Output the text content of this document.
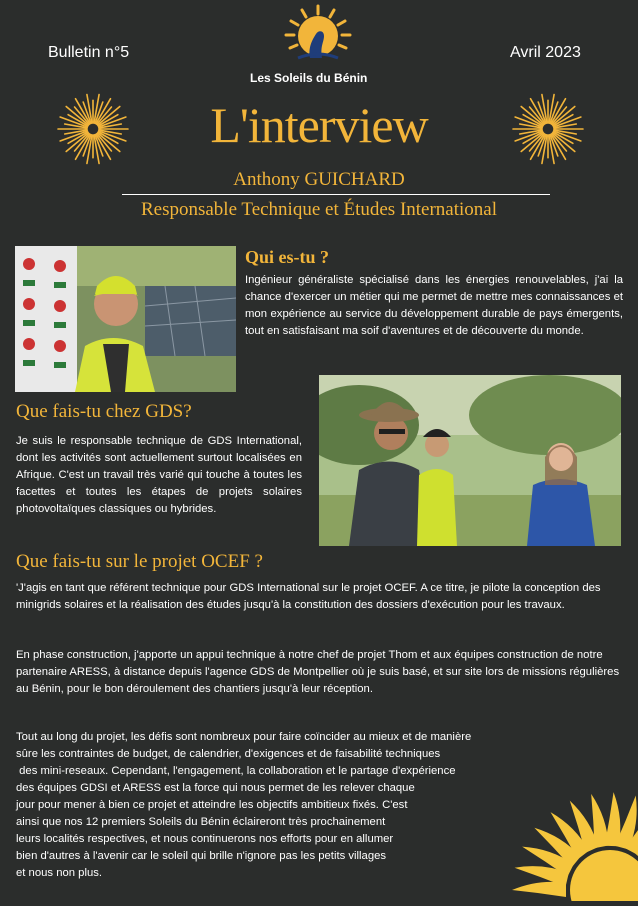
Bulletin n°5	Avril 2023
Les Soleils du Bénin
L'interview
Anthony GUICHARD
Responsable Technique et Études International
Qui es-tu ?

Ingénieur généraliste spécialisé dans les énergies renouvelables, j'ai la chance d'exercer un métier qui me permet de mettre mes connaissances et mon expérience au service du développement durable de pays émergents, tout en satisfaisant ma soif d'aventures et de découverte du monde.

Que fais-tu chez GDS?

Je suis le responsable technique de GDS International, dont les activités sont actuellement surtout localisées en Afrique. C'est un travail très varié qui touche à toutes les facettes et toutes les étapes de projets solaires photovoltaïques classiques ou hybrides.

Que fais-tu sur le projet OCEF ?

'J'agis en tant que référent technique pour GDS International sur le projet OCEF. A ce titre, je pilote la conception des minigrids solaires et la réalisation des études jusqu'à la constitution des dossiers d'exécution pour les travaux.

En phase construction, j'apporte un appui technique à notre chef de projet Thom et aux équipes construction de notre partenaire ARESS, à distance depuis l'agence GDS de Montpellier où je suis basé, et sur site lors de missions régulières au Bénin, pour le bon déroulement des chantiers jusqu'à leur réception.

Tout au long du projet, les défis sont nombreux pour faire coïncider au mieux et de manière
sûre les contraintes de budget, de calendrier, d'exigences et de faisabilité techniques
des mini-reseaux. Cependant, l'engagement, la collaboration et le partage d'expérience
des équipes GDSI et ARESS est la force qui nous permet de les relever chaque
jour pour mener à bien ce projet et atteindre les objectifs ambitieux fixés. C'est
ainsi que nos 12 premiers Soleils du Bénin éclaireront très prochainement
leurs localités respectives, et nous continuerons nos efforts pour en allumer
bien d'autres à l'avenir car le soleil qui brille n'ignore pas les petits villages
et nous non plus.
